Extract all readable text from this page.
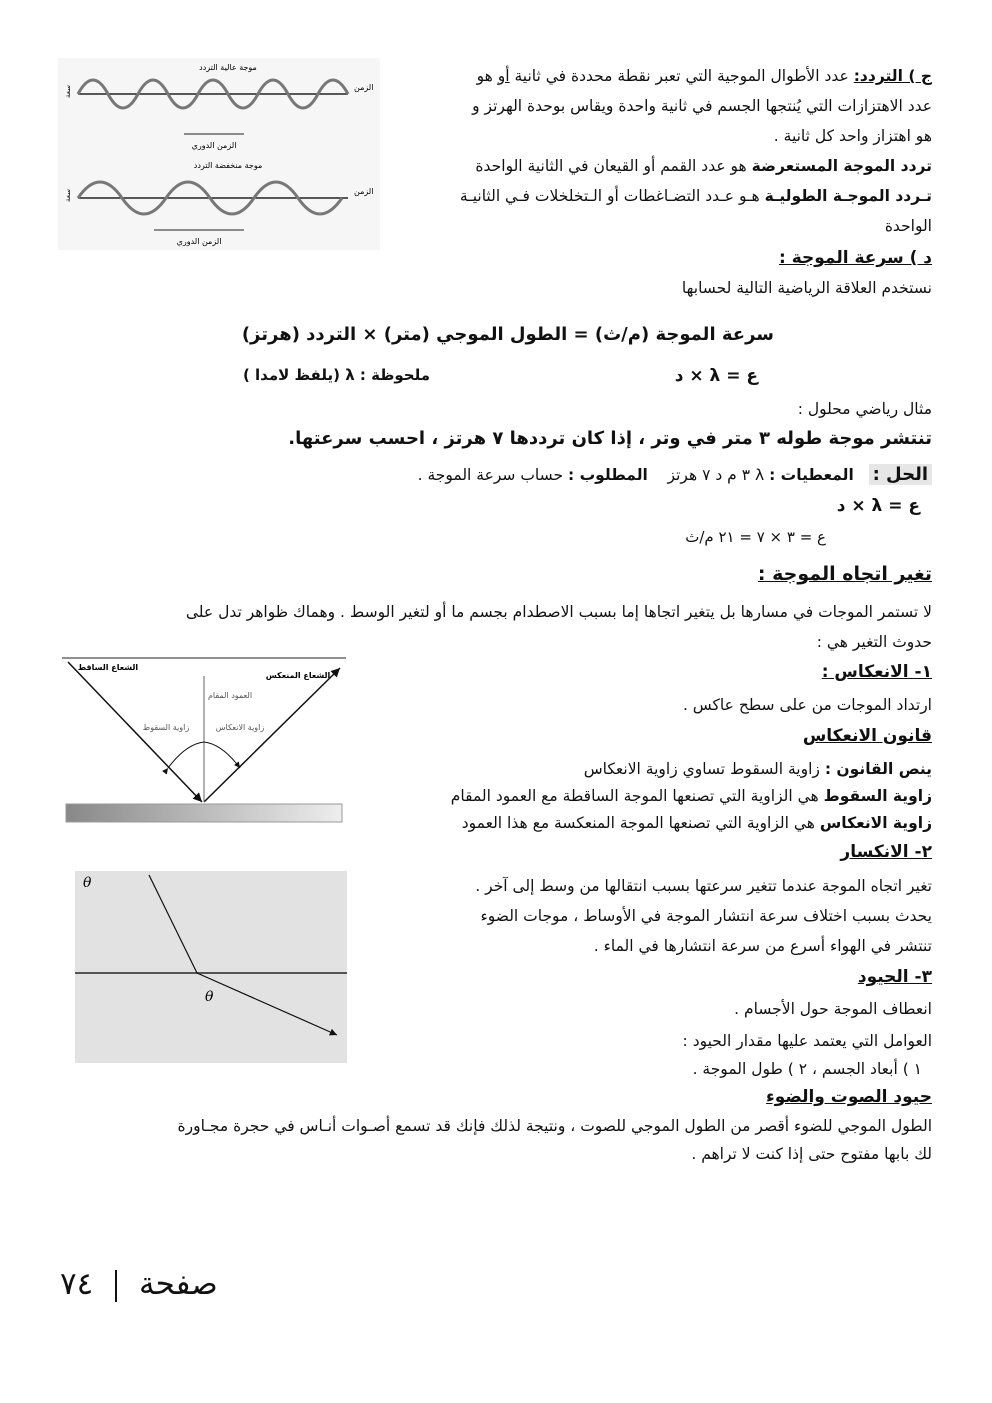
ج ) التردد: عدد الأطوال الموجية التي تعبر نقطة محددة في ثانية أو هو
عدد الاهتزازات التي يُنتجها الجسم في ثانية واحدة ويقاس بوحدة الهرتز و
هو اهتزاز واحد كل ثانية .
تردد الموجة المستعرضة هو عدد القمم أو القيعان في الثانية الواحدة
تـردد الموجـة الطوليـة هـو عـدد التضـاغطات أو الـتخلخلات فـي الثانيـة
الواحدة
موجة عالية التردد
الزمن
سعة
الزمن الدوري
موجة منخفضة التردد
الزمن
سعة
الزمن الدوري
د ) سرعة الموجة :
نستخدم العلاقة الرياضية التالية لحسابها
سرعة الموجة (م/ث) = الطول الموجي (متر) × التردد (هرتز)
ع = λ × د
ملحوظة : λ (يلفظ لامدا )
مثال رياضي محلول :
تنتشر موجة طوله ٣ متر في وتر ، إذا كان ترددها ٧ هرتز ، احسب سرعتها.
الحل :   المعطيات : λ ٣ م د ٧ هرتز    المطلوب : حساب سرعة الموجة .
ع = λ × د
ع = ٣ × ٧ = ٢١ م/ث
تغير اتجاه الموجة :
لا تستمر الموجات في مسارها بل يتغير اتجاها إما بسبب الاصطدام بجسم ما أو لتغير الوسط . وهماك ظواهر تدل على
حدوث التغير هي :
١- الانعكاس :
ارتداد الموجات من على سطح عاكس .
قانون الانعكاس
ينص القانون : زاوية السقوط تساوي زاوية الانعكاس
زاوية السقوط هي الزاوية التي تصنعها الموجة الساقطة مع العمود المقام
زاوية الانعكاس هي الزاوية التي تصنعها الموجة المنعكسة مع هذا العمود
الشعاع الساقط
الشعاع المنعكس
العمود المقام
زاوية السقوط	زاوية الانعكاس
٢- الانكسار
تغير اتجاه الموجة عندما تتغير سرعتها بسبب انتقالها من وسط إلى آخر .
يحدث بسبب اختلاف سرعة انتشار الموجة في الأوساط ، موجات الضوء
تنتشر في الهواء أسرع من سرعة انتشارها في الماء .
θ
θ
٣- الحيود
انعطاف الموجة حول الأجسام .
العوامل التي يعتمد عليها مقدار الحيود :
١ ) أبعاد الجسم ، ٢ ) طول الموجة .
حيود الصوت والضوء
الطول الموجي للضوء أقصر من الطول الموجي للصوت ، ونتيجة لذلك فإنك قد تسمع أصـوات أنـاس في حجرة مجـاورة
لك بابها مفتوح حتى إذا كنت لا تراهم .
صفحة  ٧٤
